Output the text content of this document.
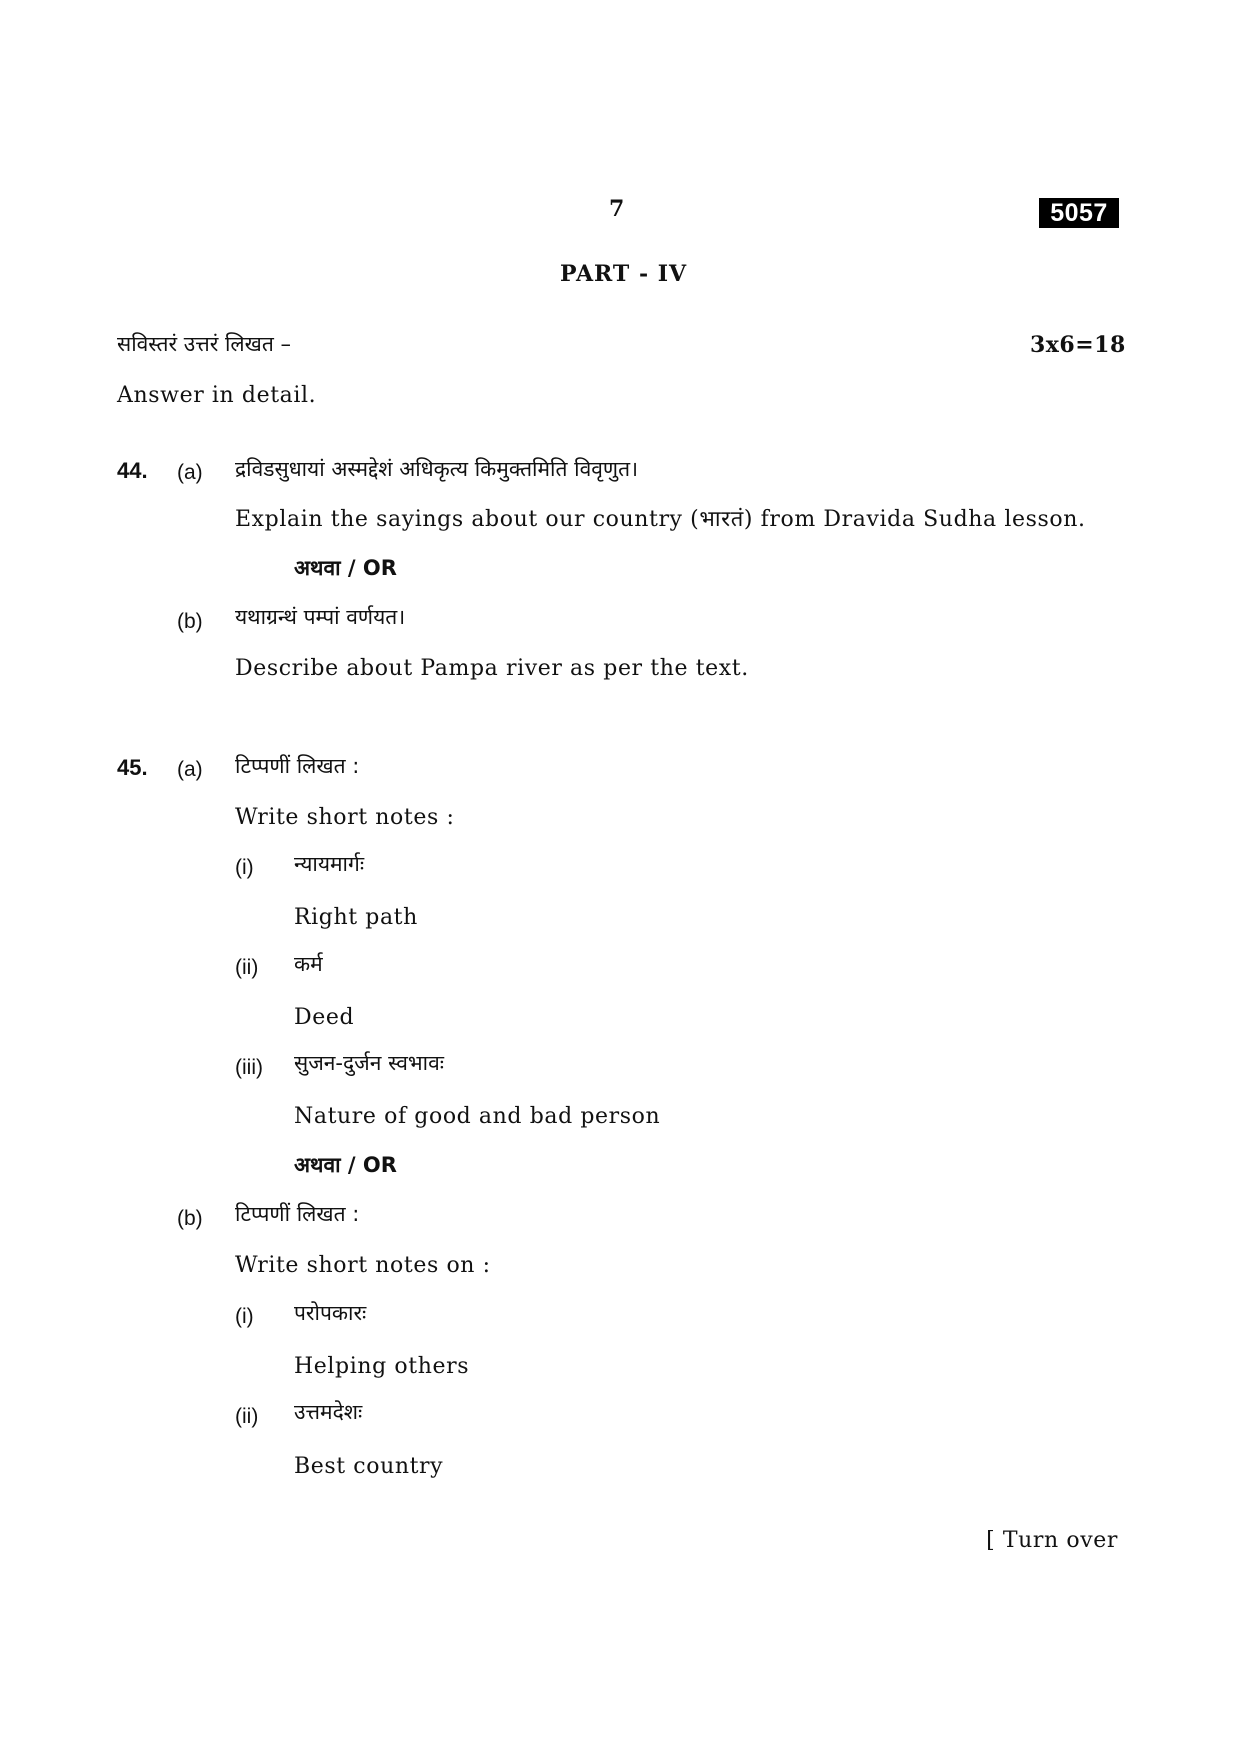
7	5057
PART - IV
सविस्तरं उत्तरं लिखत –	3x6=18
Answer in detail.
44. (a) द्रविडसुधायां अस्मद्देशं अधिकृत्य किमुक्तमिति विवृणुत।
Explain the sayings about our country (भारतं) from Dravida Sudha lesson.
अथवा / OR
(b) यथाग्रन्थं पम्पां वर्णयत।
Describe about Pampa river as per the text.
45. (a) टिप्पणीं लिखत :
Write short notes :
(i) न्यायमार्गः
Right path
(ii) कर्म
Deed
(iii) सुजन-दुर्जन स्वभावः
Nature of good and bad person
अथवा / OR
(b) टिप्पणीं लिखत :
Write short notes on :
(i) परोपकारः
Helping others
(ii) उत्तमदेशः
Best country
[ Turn over
